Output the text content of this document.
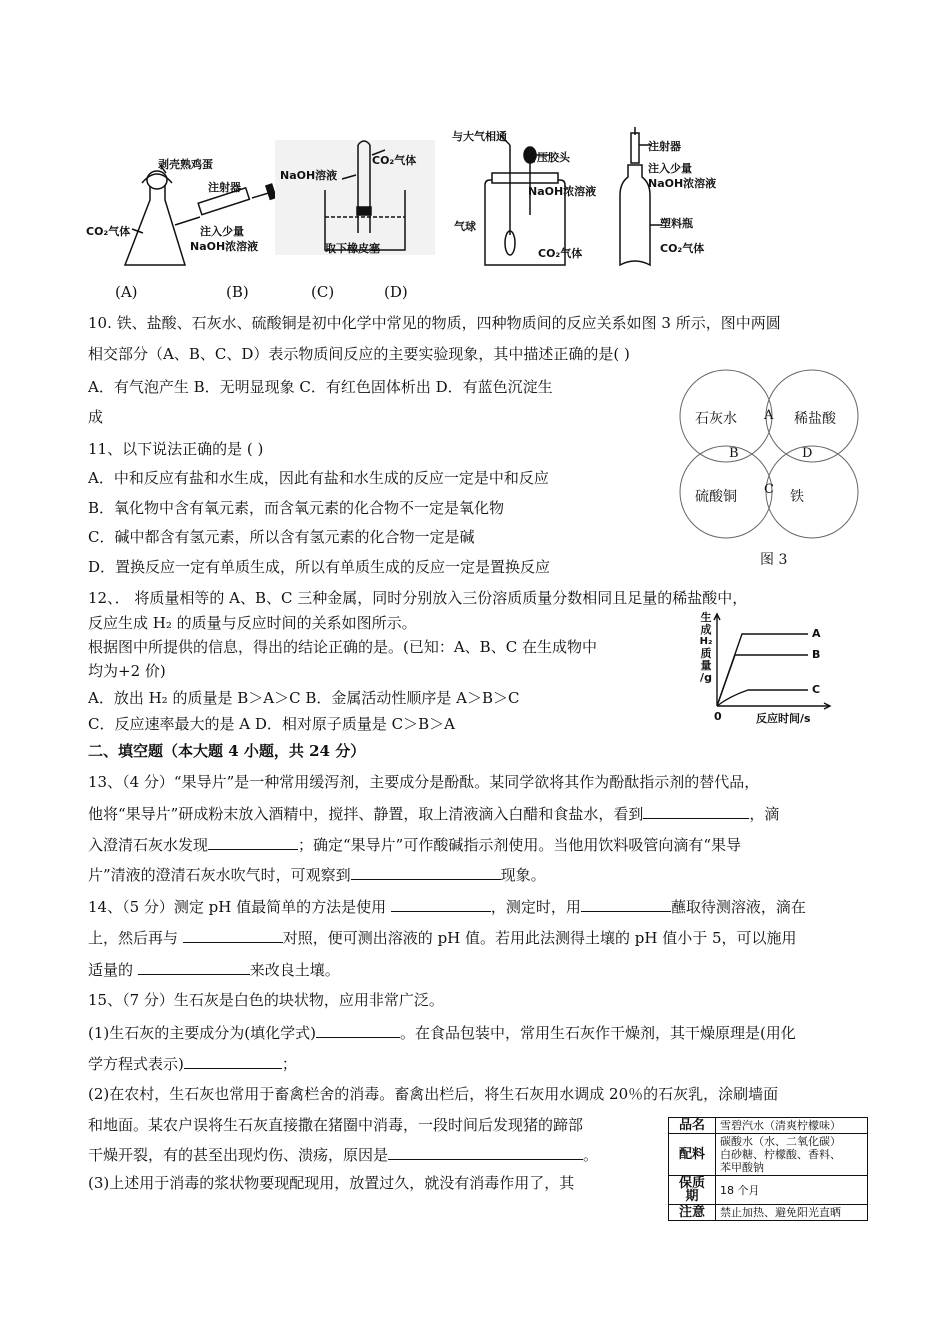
剥壳熟鸡蛋
注射器
CO₂气体	注入少量
NaOH浓溶液
NaOH溶液
CO₂气体
取下橡皮塞
与大气相通
挤压胶头
NaOH浓溶液
气球
CO₂气体
注射器
注入少量
NaOH浓溶液
塑料瓶
CO₂气体
(A)	(B)	(C)	(D)
10. 铁、盐酸、石灰水、硫酸铜是初中化学中常见的物质，四种物质间的反应关系如图 3 所示，图中两圆
相交部分（A、B、C、D）表示物质间反应的主要实验现象，其中描述正确的是( )
A．有气泡产生 B．无明显现象 C．有红色固体析出 D．有蓝色沉淀生
成	石灰水	稀盐酸
硫酸铜	铁
A
B
C
D
图 3
11、以下说法正确的是 ( )
A．中和反应有盐和水生成，因此有盐和水生成的反应一定是中和反应
B．氧化物中含有氧元素，而含氧元素的化合物不一定是氧化物
C．碱中都含有氢元素，所以含有氢元素的化合物一定是碱
D．置换反应一定有单质生成，所以有单质生成的反应一定是置换反应
12、． 将质量相等的 A、B、C 三种金属，同时分别放入三份溶质质量分数相同且足量的稀盐酸中，
反应生成 H₂ 的质量与反应时间的关系如图所示。
根据图中所提供的信息，得出的结论正确的是。(已知：A、B、C 在生成物中
均为+2 价)
A．放出 H₂ 的质量是 B＞A＞C B．金属活动性顺序是 A＞B＞C
C．反应速率最大的是 A D．相对原子质量是 C＞B＞A
生
成
H₂
质
量
/g
0	反应时间/s
A
B
C
二、填空题（本大题 4 小题，共 24 分）
13、（4 分）“果导片”是一种常用缓泻剂，主要成分是酚酞。某同学欲将其作为酚酞指示剂的替代品，
他将“果导片”研成粉末放入酒精中，搅拌、静置，取上清液滴入白醋和食盐水，看到	，滴
入澄清石灰水发现	；确定“果导片”可作酸碱指示剂使用。当他用饮料吸管向滴有“果导
片”清液的澄清石灰水吹气时，可观察到	现象。
14、（5 分）测定 pH 值最简单的方法是使用	，测定时，用	蘸取待测溶液，滴在
上，然后再与	对照，便可测出溶液的 pH 值。若用此法测得土壤的 pH 值小于 5，可以施用
适量的	来改良土壤。
15、（7 分）生石灰是白色的块状物，应用非常广泛。
(1)生石灰的主要成分为(填化学式)	。在食品包装中，常用生石灰作干燥剂，其干燥原理是(用化
学方程式表示)	；
(2)在农村，生石灰也常用于畜禽栏舍的消毒。畜禽出栏后，将生石灰用水调成 20％的石灰乳，涂刷墙面
和地面。某农户误将生石灰直接撒在猪圈中消毒，一段时间后发现猪的蹄部
干燥开裂，有的甚至出现灼伤、溃疡，原因是	。
(3)上述用于消毒的浆状物要现配现用，放置过久，就没有消毒作用了，其
品名	雪碧汽水（清爽柠檬味）
配料	碳酸水（水、二氧化碳）
白砂糖、柠檬酸、香料、
苯甲酸钠

保质期	18 个月
注意	禁止加热、避免阳光直晒
